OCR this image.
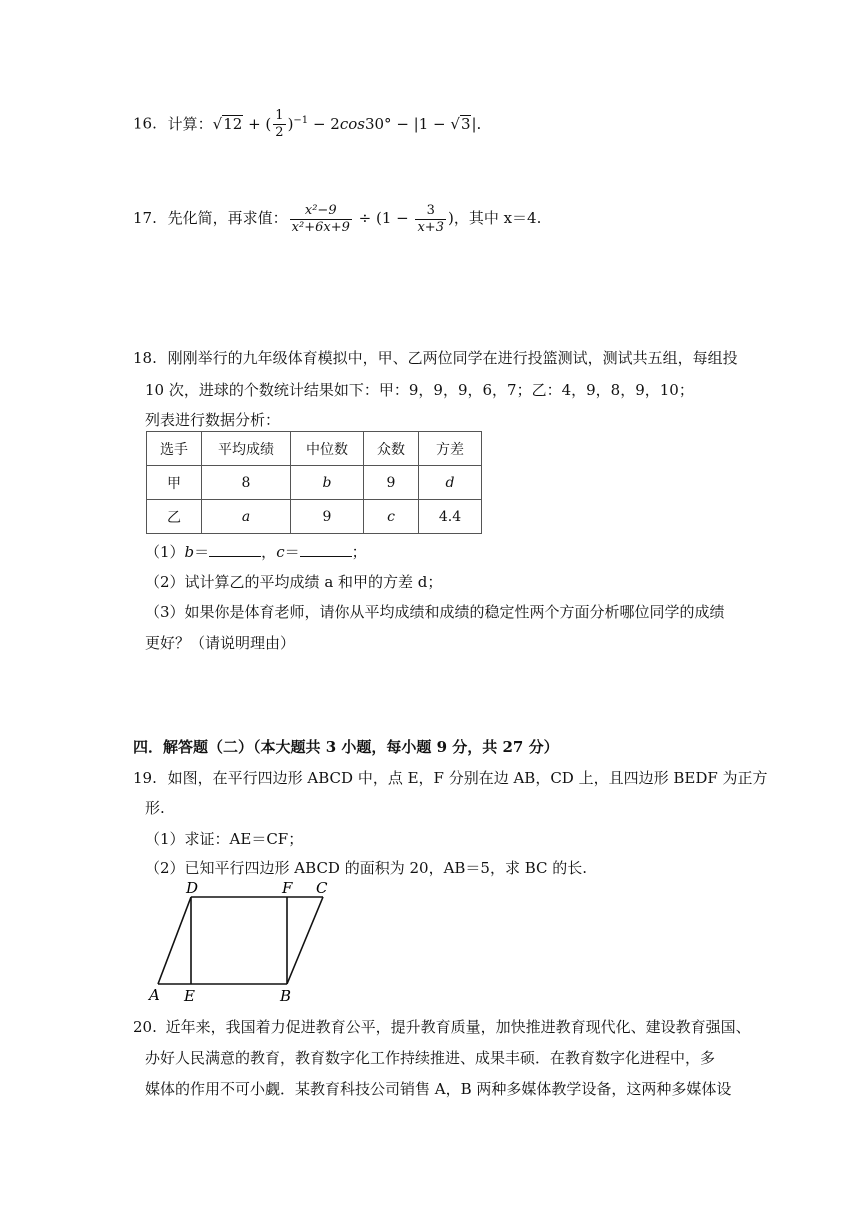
16. 计算：√12 + ( $\frac{1}{2} )^{-1} - 2\cos 30^\circ - |1 - √3|$.
17. 先化简，再求值： $\frac{\text{x²−9}}{\text{x²+6x+9}} \div (1 - \frac{3}{x+3}$ )，其中 x＝4.
18. 刚刚举行的九年级体育模拟中，甲、乙两位同学在进行投篮测试，测试共五组，每组投
10 次，进球的个数统计结果如下：甲：9，9，9，6，7；乙：4，9，8，9，10；
列表进行数据分析：
选手	平均成绩	中位数	众数	方差
甲	8	b	9	d
乙	a	9	c	4.4
（1）b＝	，c＝	；
（2）试计算乙的平均成绩 a 和甲的方差 d；
（3）如果你是体育老师，请你从平均成绩和成绩的稳定性两个方面分析哪位同学的成绩
更好？（请说明理由）
四．解答题（二）（本大题共 3 小题，每小题 9 分，共 27 分）
19. 如图，在平行四边形 ABCD 中，点 E，F 分别在边 AB，CD 上，且四边形 BEDF 为正方
形.
（1）求证：AE＝CF；
（2）已知平行四边形 ABCD 的面积为 20，AB＝5，求 BC 的长.
D	F C
A E	B
20. 近年来，我国着力促进教育公平，提升教育质量，加快推进教育现代化、建设教育强国、
办好人民满意的教育，教育数字化工作持续推进、成果丰硕．在教育数字化进程中，多
媒体的作用不可小觑．某教育科技公司销售 A，B 两种多媒体教学设备，这两种多媒体设
